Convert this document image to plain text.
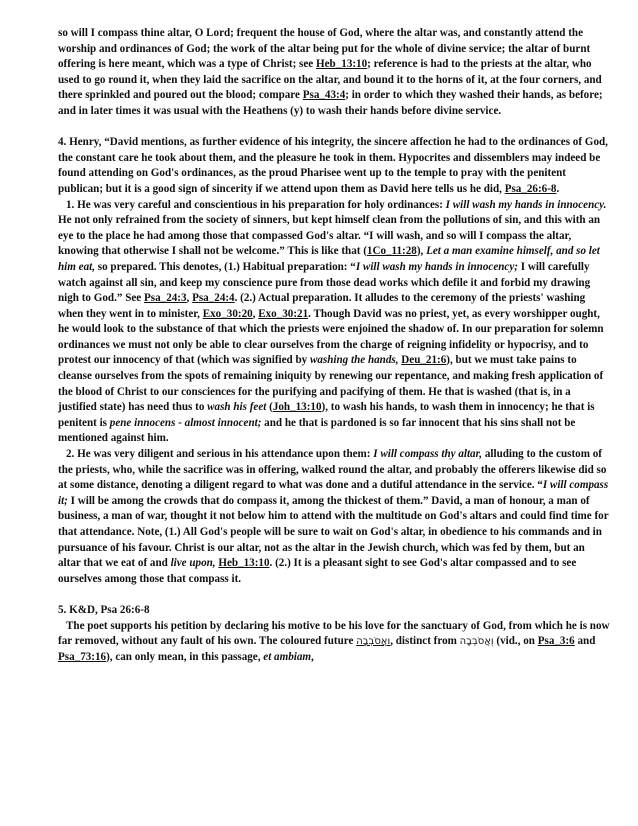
so will I compass thine altar, O Lord; frequent the house of God, where the altar was, and constantly attend the worship and ordinances of God; the work of the altar being put for the whole of divine service; the altar of burnt offering is here meant, which was a type of Christ; see Heb_13:10; reference is had to the priests at the altar, who used to go round it, when they laid the sacrifice on the altar, and bound it to the horns of it, at the four corners, and there sprinkled and poured out the blood; compare Psa_43:4; in order to which they washed their hands, as before; and in later times it was usual with the Heathens (y) to wash their hands before divine service.

4. Henry, “David mentions, as further evidence of his integrity, the sincere affection he had to the ordinances of God, the constant care he took about them, and the pleasure he took in them. Hypocrites and dissemblers may indeed be found attending on God's ordinances, as the proud Pharisee went up to the temple to pray with the penitent publican; but it is a good sign of sincerity if we attend upon them as David here tells us he did, Psa_26:6-8.

1. He was very careful and conscientious in his preparation for holy ordinances: I will wash my hands in innocency. He not only refrained from the society of sinners, but kept himself clean from the pollutions of sin, and this with an eye to the place he had among those that compassed God's altar. “I will wash, and so will I compass the altar, knowing that otherwise I shall not be welcome.” This is like that (1Co_11:28), Let a man examine himself, and so let him eat, so prepared. This denotes, (1.) Habitual preparation: “I will wash my hands in innocency; I will carefully watch against all sin, and keep my conscience pure from those dead works which defile it and forbid my drawing nigh to God.” See Psa_24:3, Psa_24:4. (2.) Actual preparation. It alludes to the ceremony of the priests' washing when they went in to minister, Exo_30:20, Exo_30:21. Though David was no priest, yet, as every worshipper ought, he would look to the substance of that which the priests were enjoined the shadow of. In our preparation for solemn ordinances we must not only be able to clear ourselves from the charge of reigning infidelity or hypocrisy, and to protest our innocency of that (which was signified by washing the hands, Deu_21:6), but we must take pains to cleanse ourselves from the spots of remaining iniquity by renewing our repentance, and making fresh application of the blood of Christ to our consciences for the purifying and pacifying of them. He that is washed (that is, in a justified state) has need thus to wash his feet (Joh_13:10), to wash his hands, to wash them in innocency; he that is penitent is pene innocens - almost innocent; and he that is pardoned is so far innocent that his sins shall not be mentioned against him.

2. He was very diligent and serious in his attendance upon them: I will compass thy altar, alluding to the custom of the priests, who, while the sacrifice was in offering, walked round the altar, and probably the offerers likewise did so at some distance, denoting a diligent regard to what was done and a dutiful attendance in the service. “I will compass it; I will be among the crowds that do compass it, among the thickest of them.” David, a man of honour, a man of business, a man of war, thought it not below him to attend with the multitude on God's altars and could find time for that attendance. Note, (1.) All God's people will be sure to wait on God's altar, in obedience to his commands and in pursuance of his favour. Christ is our altar, not as the altar in the Jewish church, which was fed by them, but an altar that we eat of and live upon, Heb_13:10. (2.) It is a pleasant sight to see God's altar compassed and to see ourselves among those that compass it.

5. K&D, Psa 26:6-8

The poet supports his petition by declaring his motive to be his love for the sanctuary of God, from which he is now far removed, without any fault of his own. The coloured future וַאֲסֹבְבָה, distinct from וְאֲסֹבְבָה (vid., on Psa_3:6 and Psa_73:16), can only mean, in this passage, et ambiam,
